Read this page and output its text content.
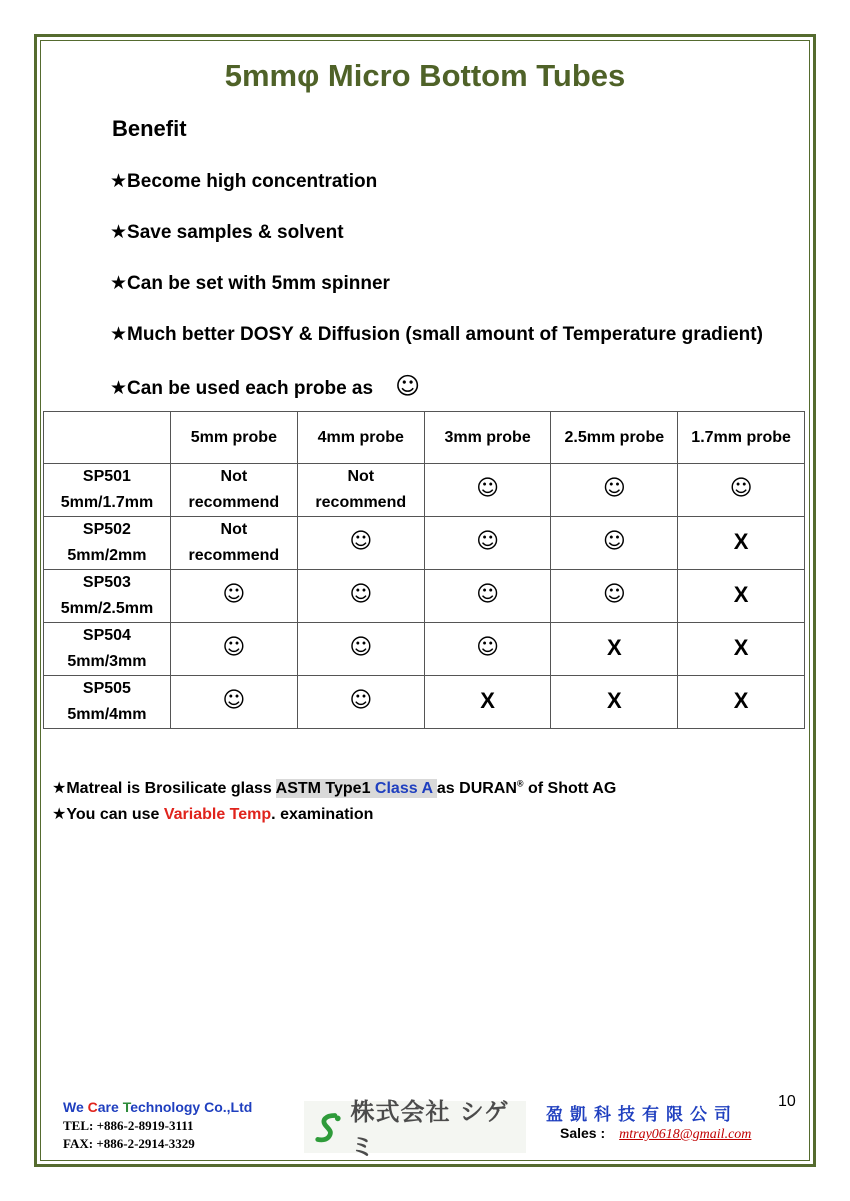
5mmφ Micro Bottom Tubes
Benefit
★Become high concentration
★Save samples & solvent
★Can be set with 5mm spinner
★Much better DOSY & Diffusion (small amount of Temperature gradient)
★Can be used each probe as ☺
	5mm probe	4mm probe	3mm probe	2.5mm probe	1.7mm probe

SP501
5mm/1.7mm	Not recommend	Not recommend	☺	☺	☺

SP502
5mm/2mm	Not recommend	☺	☺	☺	X

SP503
5mm/2.5mm	☺	☺	☺	☺	X

SP504
5mm/3mm	☺	☺	☺	X	X

SP505
5mm/4mm	☺	☺	X	X	X
★Matreal is Brosilicate glass ASTM Type1 Class A as DURAN® of Shott AG
★You can use Variable Temp. examination
We Care Technology Co.,Ltd
TEL: +886-2-8919-3111
FAX: +886-2-2914-3329
株式会社 シゲミ
盈凱科技有限公司
Sales : mtray0618@gmail.com
10
